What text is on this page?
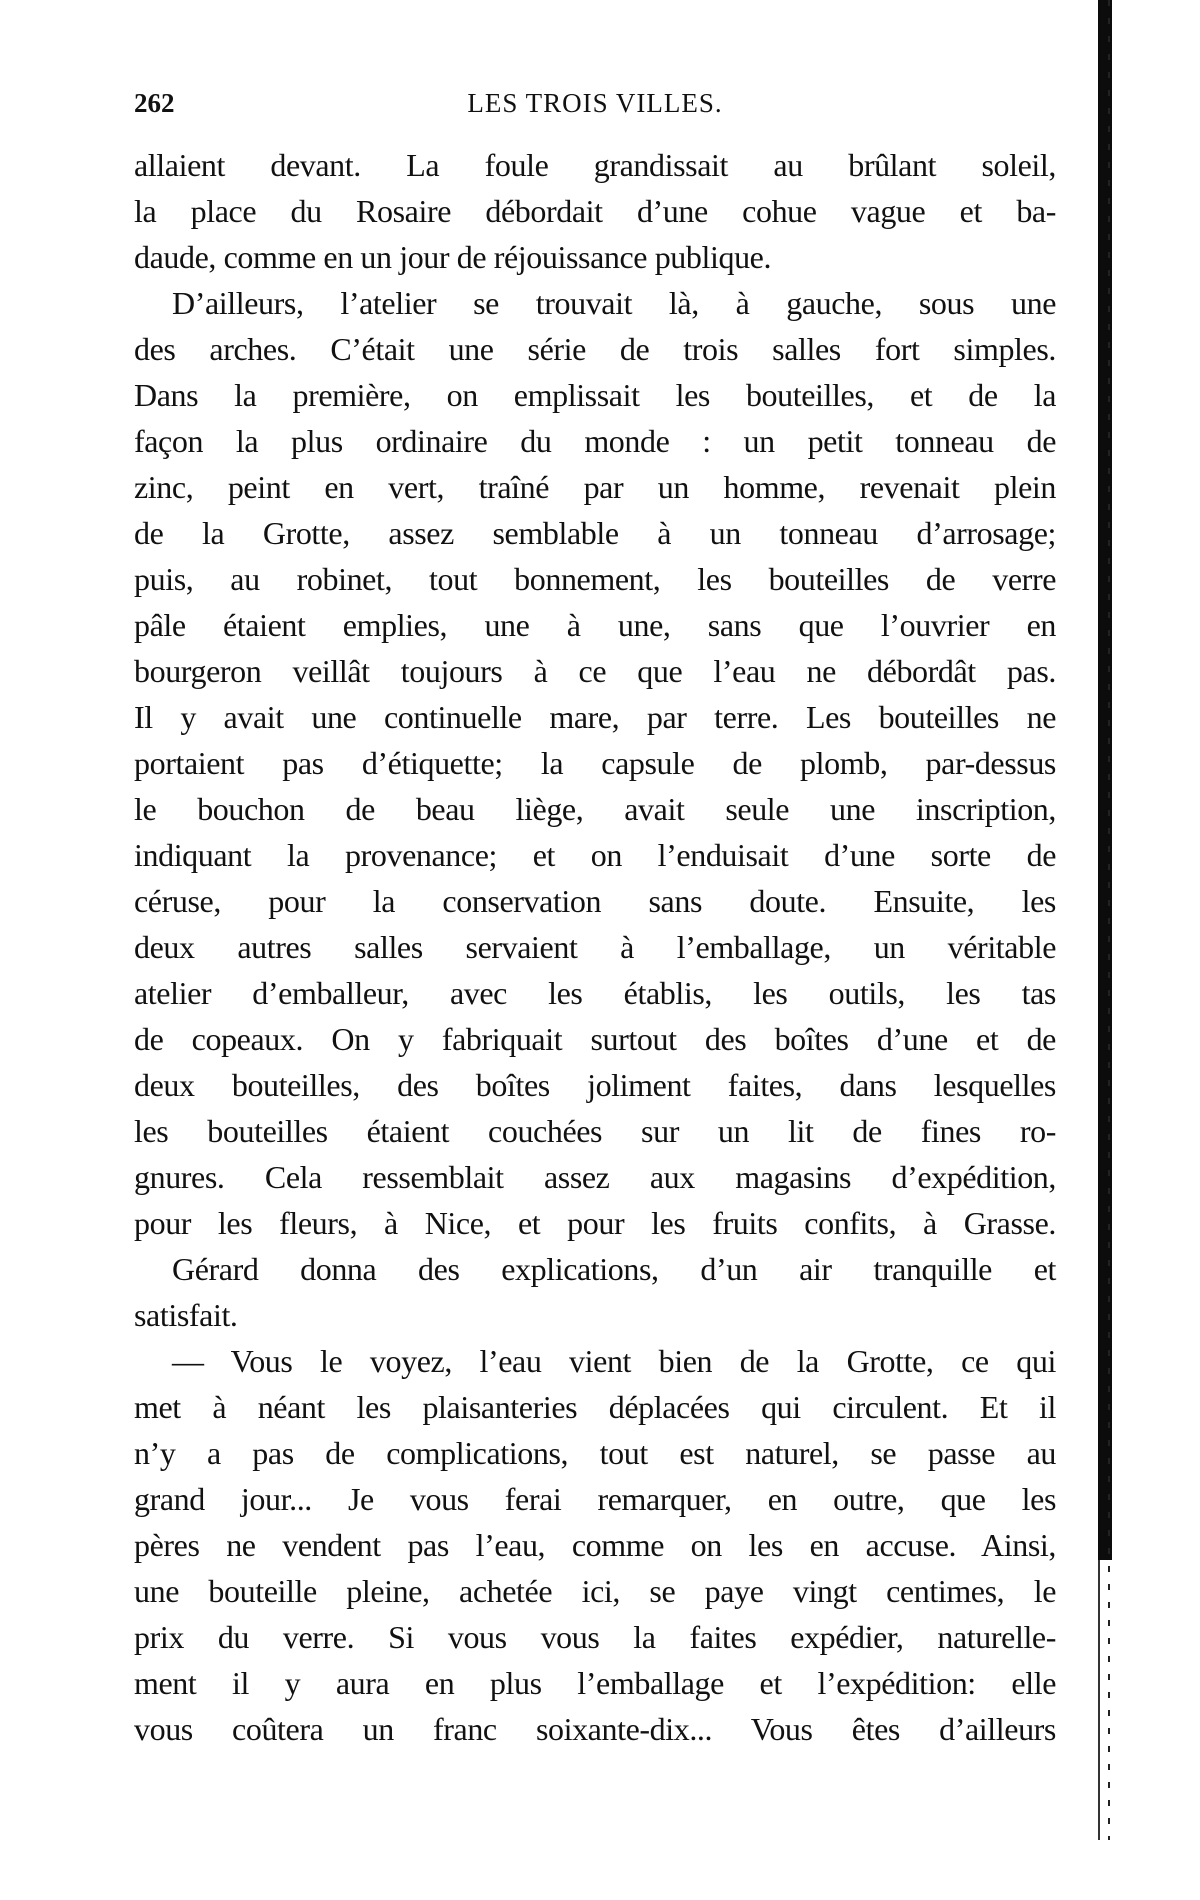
262	LES TROIS VILLES.
allaient devant. La foule grandissait au brûlant soleil,
la place du Rosaire débordait d’une cohue vague et ba-
daude, comme en un jour de réjouissance publique.
D’ailleurs, l’atelier se trouvait là, à gauche, sous une
des arches. C’était une série de trois salles fort simples.
Dans la première, on emplissait les bouteilles, et de la
façon la plus ordinaire du monde : un petit tonneau de
zinc, peint en vert, traîné par un homme, revenait plein
de la Grotte, assez semblable à un tonneau d’arrosage;
puis, au robinet, tout bonnement, les bouteilles de verre
pâle étaient emplies, une à une, sans que l’ouvrier en
bourgeron veillât toujours à ce que l’eau ne débordât pas.
Il y avait une continuelle mare, par terre. Les bouteilles ne
portaient pas d’étiquette; la capsule de plomb, par-dessus
le bouchon de beau liège, avait seule une inscription,
indiquant la provenance; et on l’enduisait d’une sorte de
céruse, pour la conservation sans doute. Ensuite, les
deux autres salles servaient à l’emballage, un véritable
atelier d’emballeur, avec les établis, les outils, les tas
de copeaux. On y fabriquait surtout des boîtes d’une et de
deux bouteilles, des boîtes joliment faites, dans lesquelles
les bouteilles étaient couchées sur un lit de fines ro-
gnures. Cela ressemblait assez aux magasins d’expédition,
pour les fleurs, à Nice, et pour les fruits confits, à Grasse.
Gérard donna des explications, d’un air tranquille et
satisfait.
— Vous le voyez, l’eau vient bien de la Grotte, ce qui
met à néant les plaisanteries déplacées qui circulent. Et il
n’y a pas de complications, tout est naturel, se passe au
grand jour... Je vous ferai remarquer, en outre, que les
pères ne vendent pas l’eau, comme on les en accuse. Ainsi,
une bouteille pleine, achetée ici, se paye vingt centimes, le
prix du verre. Si vous vous la faites expédier, naturelle-
ment il y aura en plus l’emballage et l’expédition: elle
vous coûtera un franc soixante-dix... Vous êtes d’ailleurs
